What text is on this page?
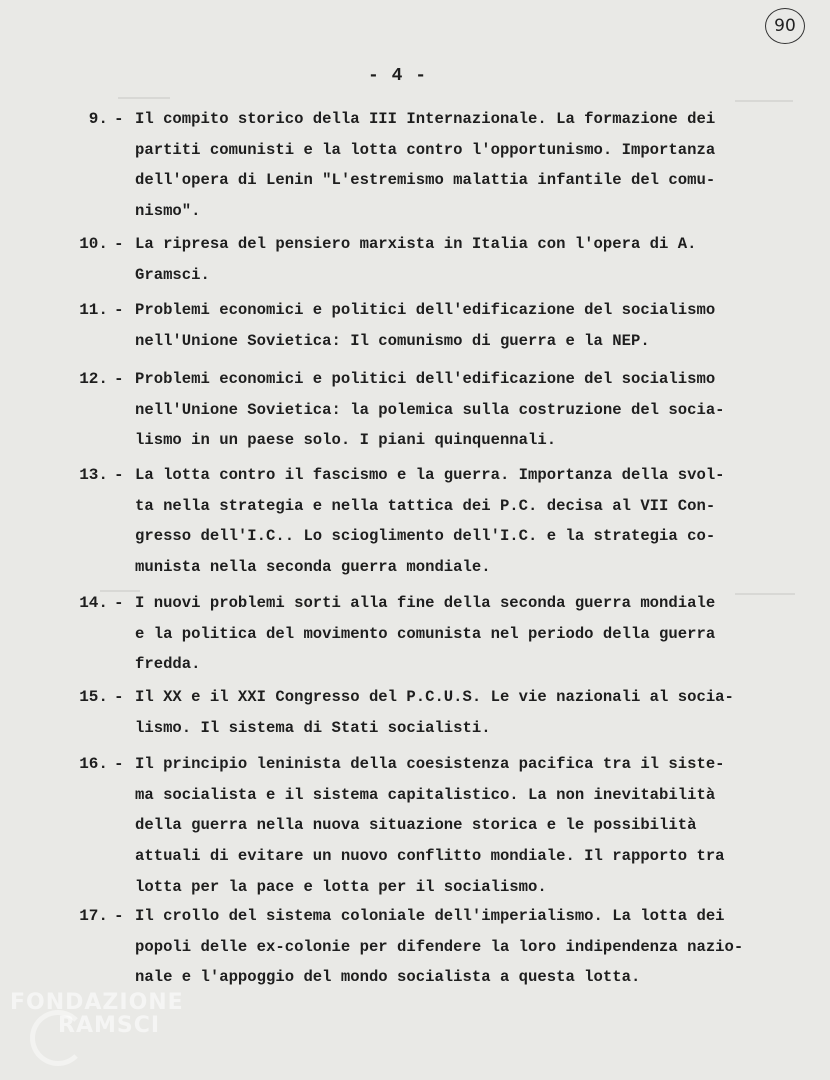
90
- 4 -
9. - Il compito storico della III Internazionale. La formazione dei
partiti comunisti e la lotta contro l'opportunismo. Importanza
dell'opera di Lenin "L'estremismo malattia infantile del comu-
nismo".
10. - La ripresa del pensiero marxista in Italia con l'opera di A.
Gramsci.
11. - Problemi economici e politici dell'edificazione del socialismo
nell'Unione Sovietica: Il comunismo di guerra e la NEP.
12. - Problemi economici e politici dell'edificazione del socialismo
nell'Unione Sovietica: la polemica sulla costruzione del socia-
lismo in un paese solo. I piani quinquennali.
13. - La lotta contro il fascismo e la guerra. Importanza della svol-
ta nella strategia e nella tattica dei P.C. decisa al VII Con-
gresso dell'I.C.. Lo scioglimento dell'I.C. e la strategia co-
munista nella seconda guerra mondiale.
14. - I nuovi problemi sorti alla fine della seconda guerra mondiale
e la politica del movimento comunista nel periodo della guerra
fredda.
15. - Il XX e il XXI Congresso del P.C.U.S. Le vie nazionali al socia-
lismo. Il sistema di Stati socialisti.
16. - Il principio leninista della coesistenza pacifica tra il siste-
ma socialista e il sistema capitalistico. La non inevitabilità
della guerra nella nuova situazione storica e le possibilità
attuali di evitare un nuovo conflitto mondiale. Il rapporto tra
lotta per la pace e lotta per il socialismo.
17. - Il crollo del sistema coloniale dell'imperialismo. La lotta dei
popoli delle ex-colonie per difendere la loro indipendenza nazio-
nale e l'appoggio del mondo socialista a questa lotta.
FONDAZIONE
RAMSCI
